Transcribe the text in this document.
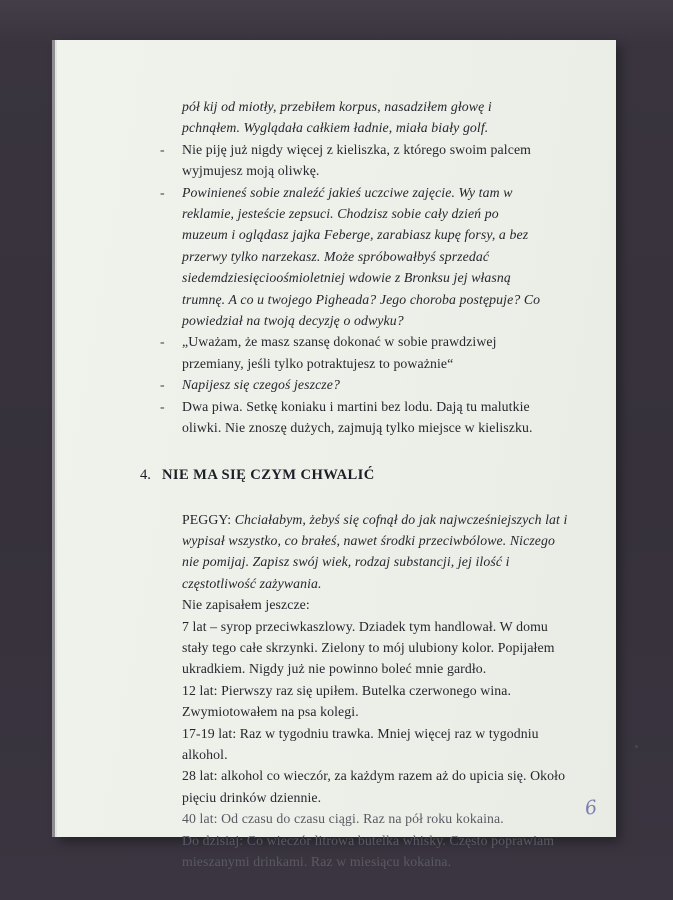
pół kij od miotły, przebiłem korpus, nasadziłem głowę i pchnąłem. Wyglądała całkiem ładnie, miała biały golf.
-	Nie piję już nigdy więcej z kieliszka, z którego swoim palcem wyjmujesz moją oliwkę.
-	Powinieneś sobie znaleźć jakieś uczciwe zajęcie. Wy tam w reklamie, jesteście zepsuci. Chodzisz sobie cały dzień po muzeum i oglądasz jajka Feberge, zarabiasz kupę forsy, a bez przerwy tylko narzekasz. Może spróbowałbyś sprzedać siedemdziesięcioośmioletniej wdowie z Bronksu jej własną trumnę. A co u twojego Pigheada? Jego choroba postępuje? Co powiedział na twoją decyzję o odwyku?
-	„Uważam, że masz szansę dokonać w sobie prawdziwej przemiany, jeśli tylko potraktujesz to poważnie“
-	Napijesz się czegoś jeszcze?
-	Dwa piwa. Setkę koniaku i martini bez lodu. Dają tu malutkie oliwki. Nie znoszę dużych, zajmują tylko miejsce w kieliszku.
4. NIE MA SIĘ CZYM CHWALIĆ

PEGGY: Chciałabym, żebyś się cofnął do jak najwcześniejszych lat i wypisał wszystko, co brałeś, nawet środki przeciwbólowe. Niczego nie pomijaj. Zapisz swój wiek, rodzaj substancji, jej ilość i częstotliwość zażywania.

Nie zapisałem jeszcze:

7 lat – syrop przeciwkaszlowy. Dziadek tym handlował. W domu stały tego całe skrzynki. Zielony to mój ulubiony kolor. Popijałem ukradkiem. Nigdy już nie powinno boleć mnie gardło.

12 lat: Pierwszy raz się upiłem. Butelka czerwonego wina. Zwymiotowałem na psa kolegi.

17-19 lat: Raz w tygodniu trawka. Mniej więcej raz w tygodniu alkohol.

28 lat: alkohol co wieczór, za każdym razem aż do upicia się. Około pięciu drinków dziennie.

40 lat: Od czasu do czasu ciągi. Raz na pół roku kokaina.

Do dzisiaj: Co wieczór litrowa butelka whisky. Często poprawiam mieszanymi drinkami. Raz w miesiącu kokaina.

6
